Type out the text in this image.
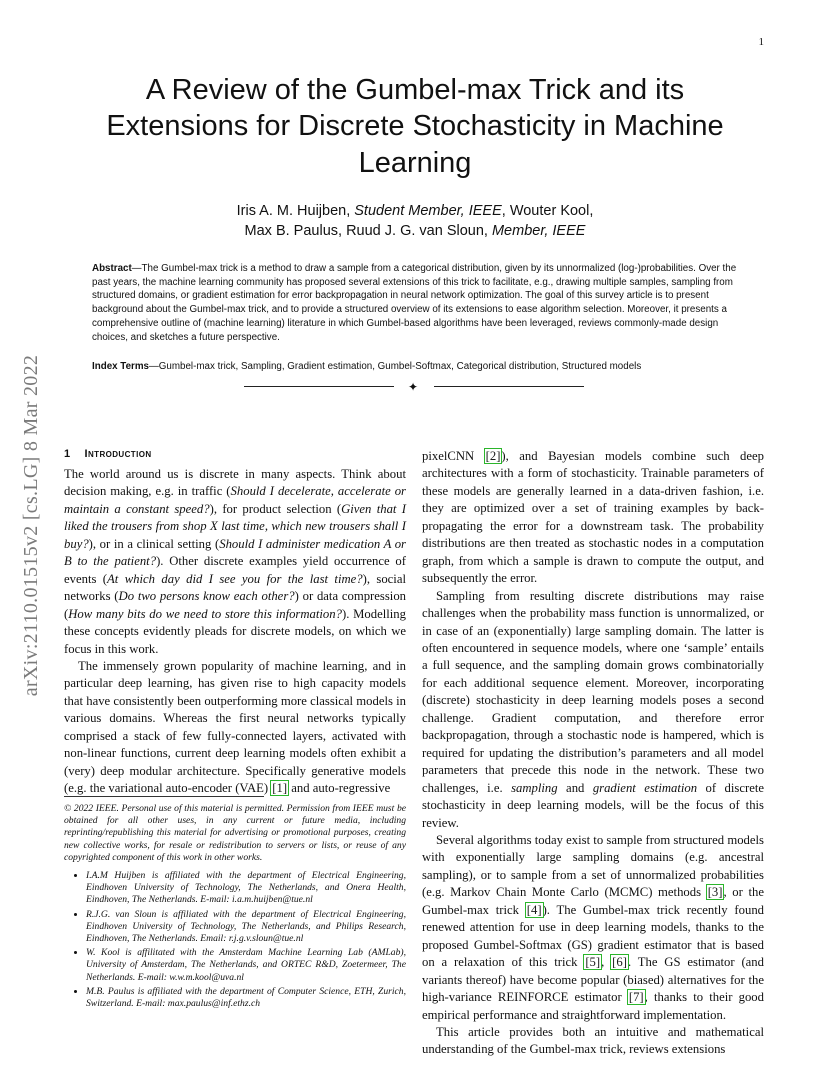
1
arXiv:2110.01515v2 [cs.LG] 8 Mar 2022
A Review of the Gumbel-max Trick and its Extensions for Discrete Stochasticity in Machine Learning
Iris A. M. Huijben, Student Member, IEEE, Wouter Kool,
Max B. Paulus, Ruud J. G. van Sloun, Member, IEEE
Abstract—The Gumbel-max trick is a method to draw a sample from a categorical distribution, given by its unnormalized (log-)probabilities. Over the past years, the machine learning community has proposed several extensions of this trick to facilitate, e.g., drawing multiple samples, sampling from structured domains, or gradient estimation for error backpropagation in neural network optimization. The goal of this survey article is to present background about the Gumbel-max trick, and to provide a structured overview of its extensions to ease algorithm selection. Moreover, it presents a comprehensive outline of (machine learning) literature in which Gumbel-based algorithms have been leveraged, reviews commonly-made design choices, and sketches a future perspective.
Index Terms—Gumbel-max trick, Sampling, Gradient estimation, Gumbel-Softmax, Categorical distribution, Structured models
✦
1 Introduction

The world around us is discrete in many aspects. Think about decision making, e.g. in traffic (Should I decelerate, accelerate or maintain a constant speed?), for product selection (Given that I liked the trousers from shop X last time, which new trousers shall I buy?), or in a clinical setting (Should I administer medication A or B to the patient?). Other discrete examples yield occurrence of events (At which day did I see you for the last time?), social networks (Do two persons know each other?) or data compression (How many bits do we need to store this information?). Modelling these concepts evidently pleads for discrete models, on which we focus in this work.

The immensely grown popularity of machine learning, and in particular deep learning, has given rise to high capacity models that have consistently been outperforming more classical models in various domains. Whereas the first neural networks typically comprised a stack of few fully-connected layers, activated with non-linear functions, current deep learning models often exhibit a (very) deep modular architecture. Specifically generative models (e.g. the variational auto-encoder (VAE) [1] and auto-regressive

© 2022 IEEE. Personal use of this material is permitted. Permission from IEEE must be obtained for all other uses, in any current or future media, including reprinting/republishing this material for advertising or promotional purposes, creating new collective works, for resale or redistribution to servers or lists, or reuse of any copyrighted component of this work in other works.

• I.A.M Huijben is affiliated with the department of Electrical Engineering, Eindhoven University of Technology, The Netherlands, and Onera Health, Eindhoven, The Netherlands. E-mail: i.a.m.huijben@tue.nl
• R.J.G. van Sloun is affiliated with the department of Electrical Engineering, Eindhoven University of Technology, The Netherlands, and Philips Research, Eindhoven, The Netherlands. Email: r.j.g.v.sloun@tue.nl
• W. Kool is affilitated with the Amsterdam Machine Learning Lab (AMLab), University of Amsterdam, The Netherlands, and ORTEC R&D, Zoetermeer, The Netherlands. E-mail: w.w.m.kool@uva.nl
• M.B. Paulus is affiliated with the department of Computer Science, ETH, Zurich, Switzerland. E-mail: max.paulus@inf.ethz.ch

pixelCNN [2]), and Bayesian models combine such deep architectures with a form of stochasticity. Trainable parameters of these models are generally learned in a data-driven fashion, i.e. they are optimized over a set of training examples by back-propagating the error for a downstream task. The probability distributions are then treated as stochastic nodes in a computation graph, from which a sample is drawn to compute the output, and subsequently the error.

Sampling from resulting discrete distributions may raise challenges when the probability mass function is unnormalized, or in case of an (exponentially) large sampling domain. The latter is often encountered in sequence models, where one ‘sample’ entails a full sequence, and the sampling domain grows combinatorially for each additional sequence element. Moreover, incorporating (discrete) stochasticity in deep learning models poses a second challenge. Gradient computation, and therefore error backpropagation, through a stochastic node is hampered, which is required for updating the distribution’s parameters and all model parameters that precede this node in the network. These two challenges, i.e. sampling and gradient estimation of discrete stochasticity in deep learning models, will be the focus of this review.

Several algorithms today exist to sample from structured models with exponentially large sampling domains (e.g. ancestral sampling), or to sample from a set of unnormalized probabilities (e.g. Markov Chain Monte Carlo (MCMC) methods [3], or the Gumbel-max trick [4]). The Gumbel-max trick recently found renewed attention for use in deep learning models, thanks to the proposed Gumbel-Softmax (GS) gradient estimator that is based on a relaxation of this trick [5], [6]. The GS estimator (and variants thereof) have become popular (biased) alternatives for the high-variance REINFORCE estimator [7], thanks to their good empirical performance and straightforward implementation.

This article provides both an intuitive and mathematical understanding of the Gumbel-max trick, reviews extensions
